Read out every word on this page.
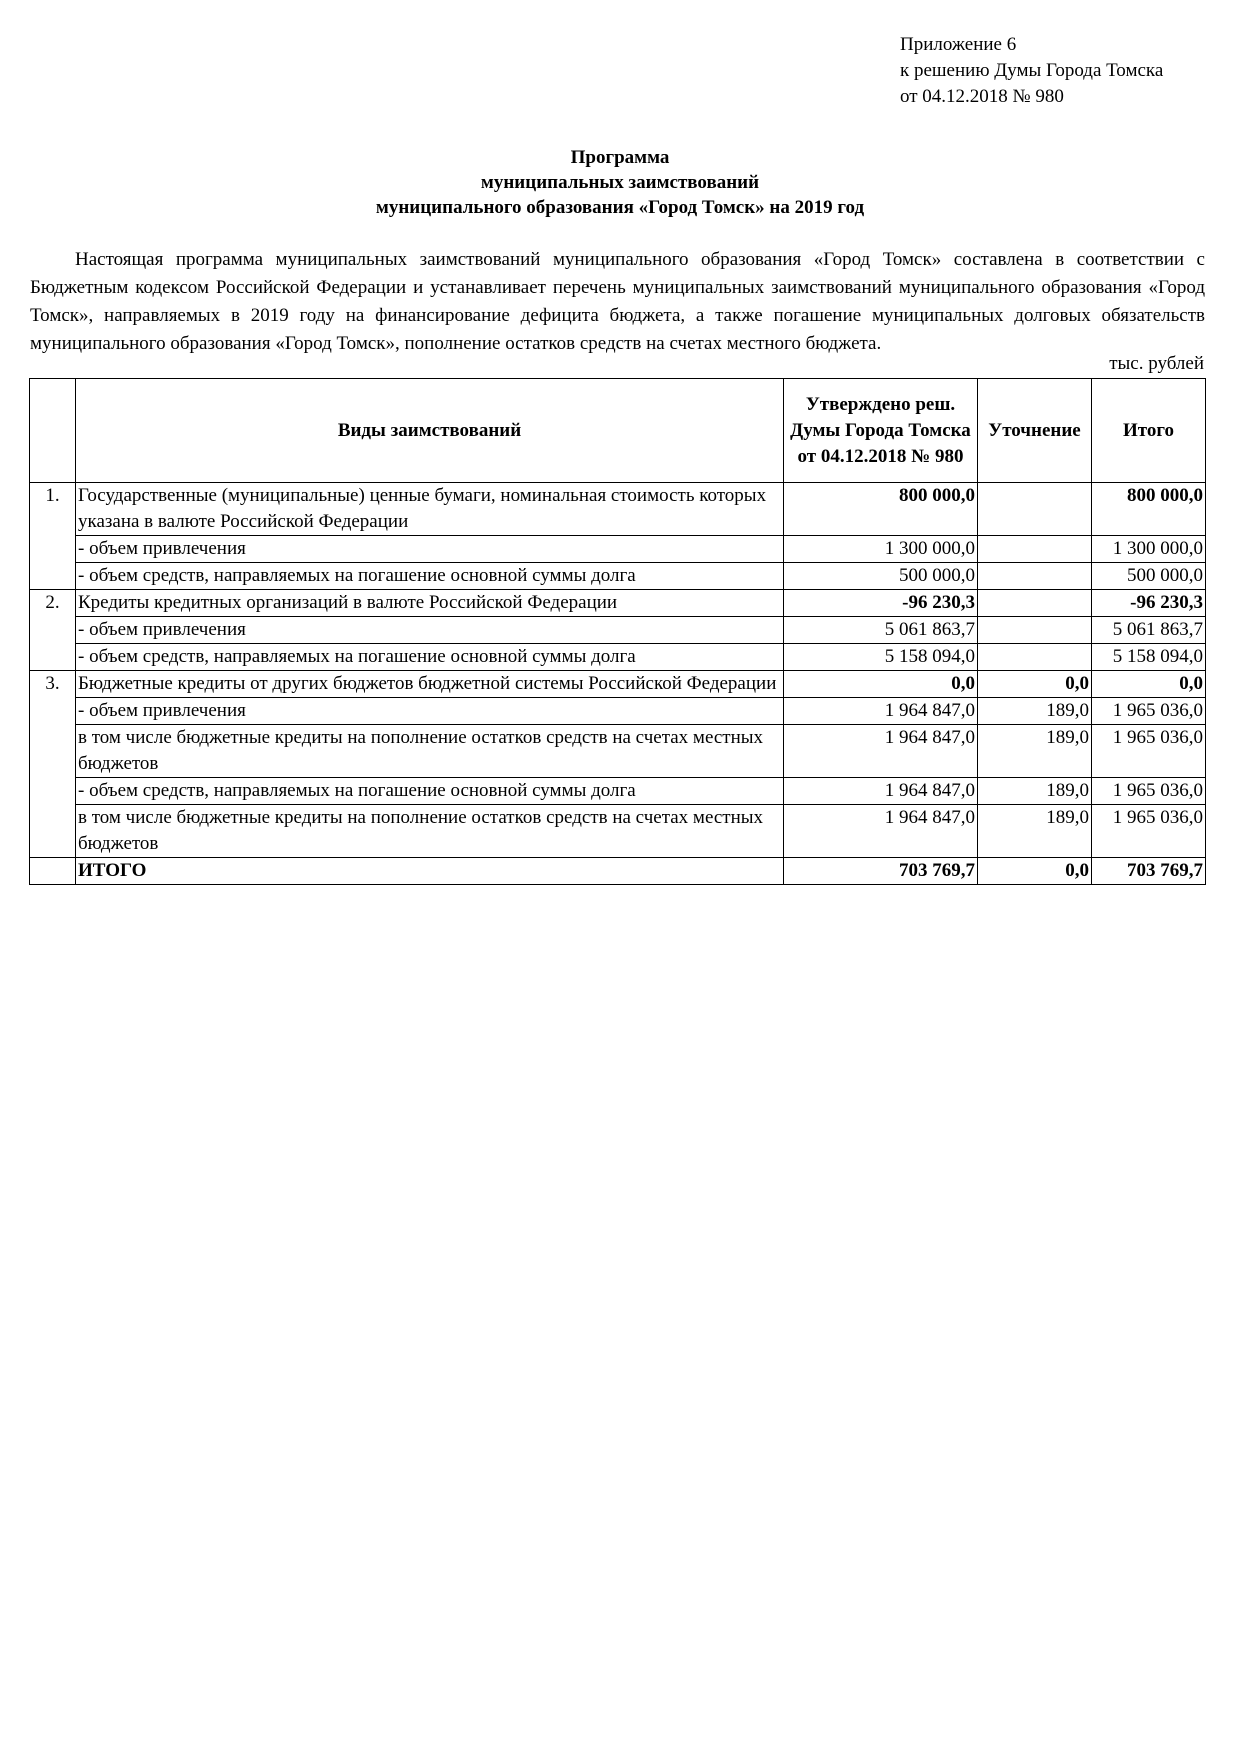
Приложение 6
к решению Думы Города Томска
от 04.12.2018 № 980
Программа
муниципальных заимствований
муниципального образования «Город Томск» на 2019 год

Настоящая программа муниципальных заимствований муниципального образования «Город Томск» составлена в соответствии с Бюджетным кодексом Российской Федерации и устанавливает перечень муниципальных заимствований муниципального образования «Город Томск», направляемых в 2019 году на финансирование дефицита бюджета, а также погашение муниципальных долговых обязательств муниципального образования «Город Томск», пополнение остатков средств на счетах местного бюджета.

тыс. рублей
	Виды заимствований	Утверждено реш. Думы Города Томска от 04.12.2018 № 980	Уточнение	Итого
1.	Государственные (муниципальные) ценные бумаги, номинальная стоимость которых указана в валюте Российской Федерации	800 000,0		800 000,0
	- объем привлечения	1 300 000,0		1 300 000,0
	- объем средств, направляемых на погашение основной суммы долга	500 000,0		500 000,0
2.	Кредиты кредитных организаций в валюте Российской Федерации	-96 230,3		-96 230,3
	- объем привлечения	5 061 863,7		5 061 863,7
	- объем средств, направляемых на погашение основной суммы долга	5 158 094,0		5 158 094,0
3.	Бюджетные кредиты от других бюджетов бюджетной системы Российской Федерации	0,0	0,0	0,0
	- объем привлечения	1 964 847,0	189,0	1 965 036,0
	в том числе бюджетные кредиты на пополнение остатков средств на счетах местных бюджетов	1 964 847,0	189,0	1 965 036,0
	- объем средств, направляемых на погашение основной суммы долга	1 964 847,0	189,0	1 965 036,0
	в том числе бюджетные кредиты на пополнение остатков средств на счетах местных бюджетов	1 964 847,0	189,0	1 965 036,0
	ИТОГО	703 769,7	0,0	703 769,7
